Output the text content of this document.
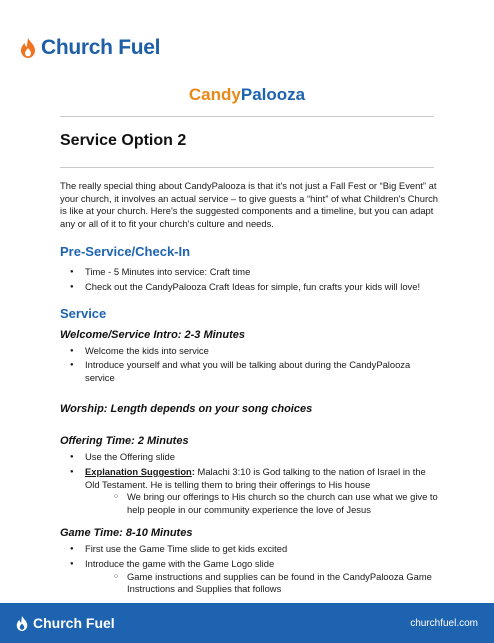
Church Fuel
CandyPalooza
Service Option 2

The really special thing about CandyPalooza is that it's not just a Fall Fest or “Big Event” at your church, it involves an actual service – to give guests a “hint” of what Children's Church is like at your church. Here's the suggested components and a timeline, but you can adapt any or all of it to fit your church's culture and needs.

Pre-Service/Check-In
● Time - 5 Minutes into service: Craft time
● Check out the CandyPalooza Craft Ideas for simple, fun crafts your kids will love!
Service
Welcome/Service Intro: 2-3 Minutes
● Welcome the kids into service
● Introduce yourself and what you will be talking about during the CandyPalooza service
Worship: Length depends on your song choices
Offering Time: 2 Minutes
● Use the Offering slide
● Explanation Suggestion: Malachi 3:10 is God talking to the nation of Israel in the Old Testament. He is telling them to bring their offerings to His house
○ We bring our offerings to His church so the church can use what we give to help people in our community experience the love of Jesus
Game Time: 8-10 Minutes
● First use the Game Time slide to get kids excited
● Introduce the game with the Game Logo slide
○ Game instructions and supplies can be found in the CandyPalooza Game Instructions and Supplies that follows
Church Fuel	churchfuel.com
